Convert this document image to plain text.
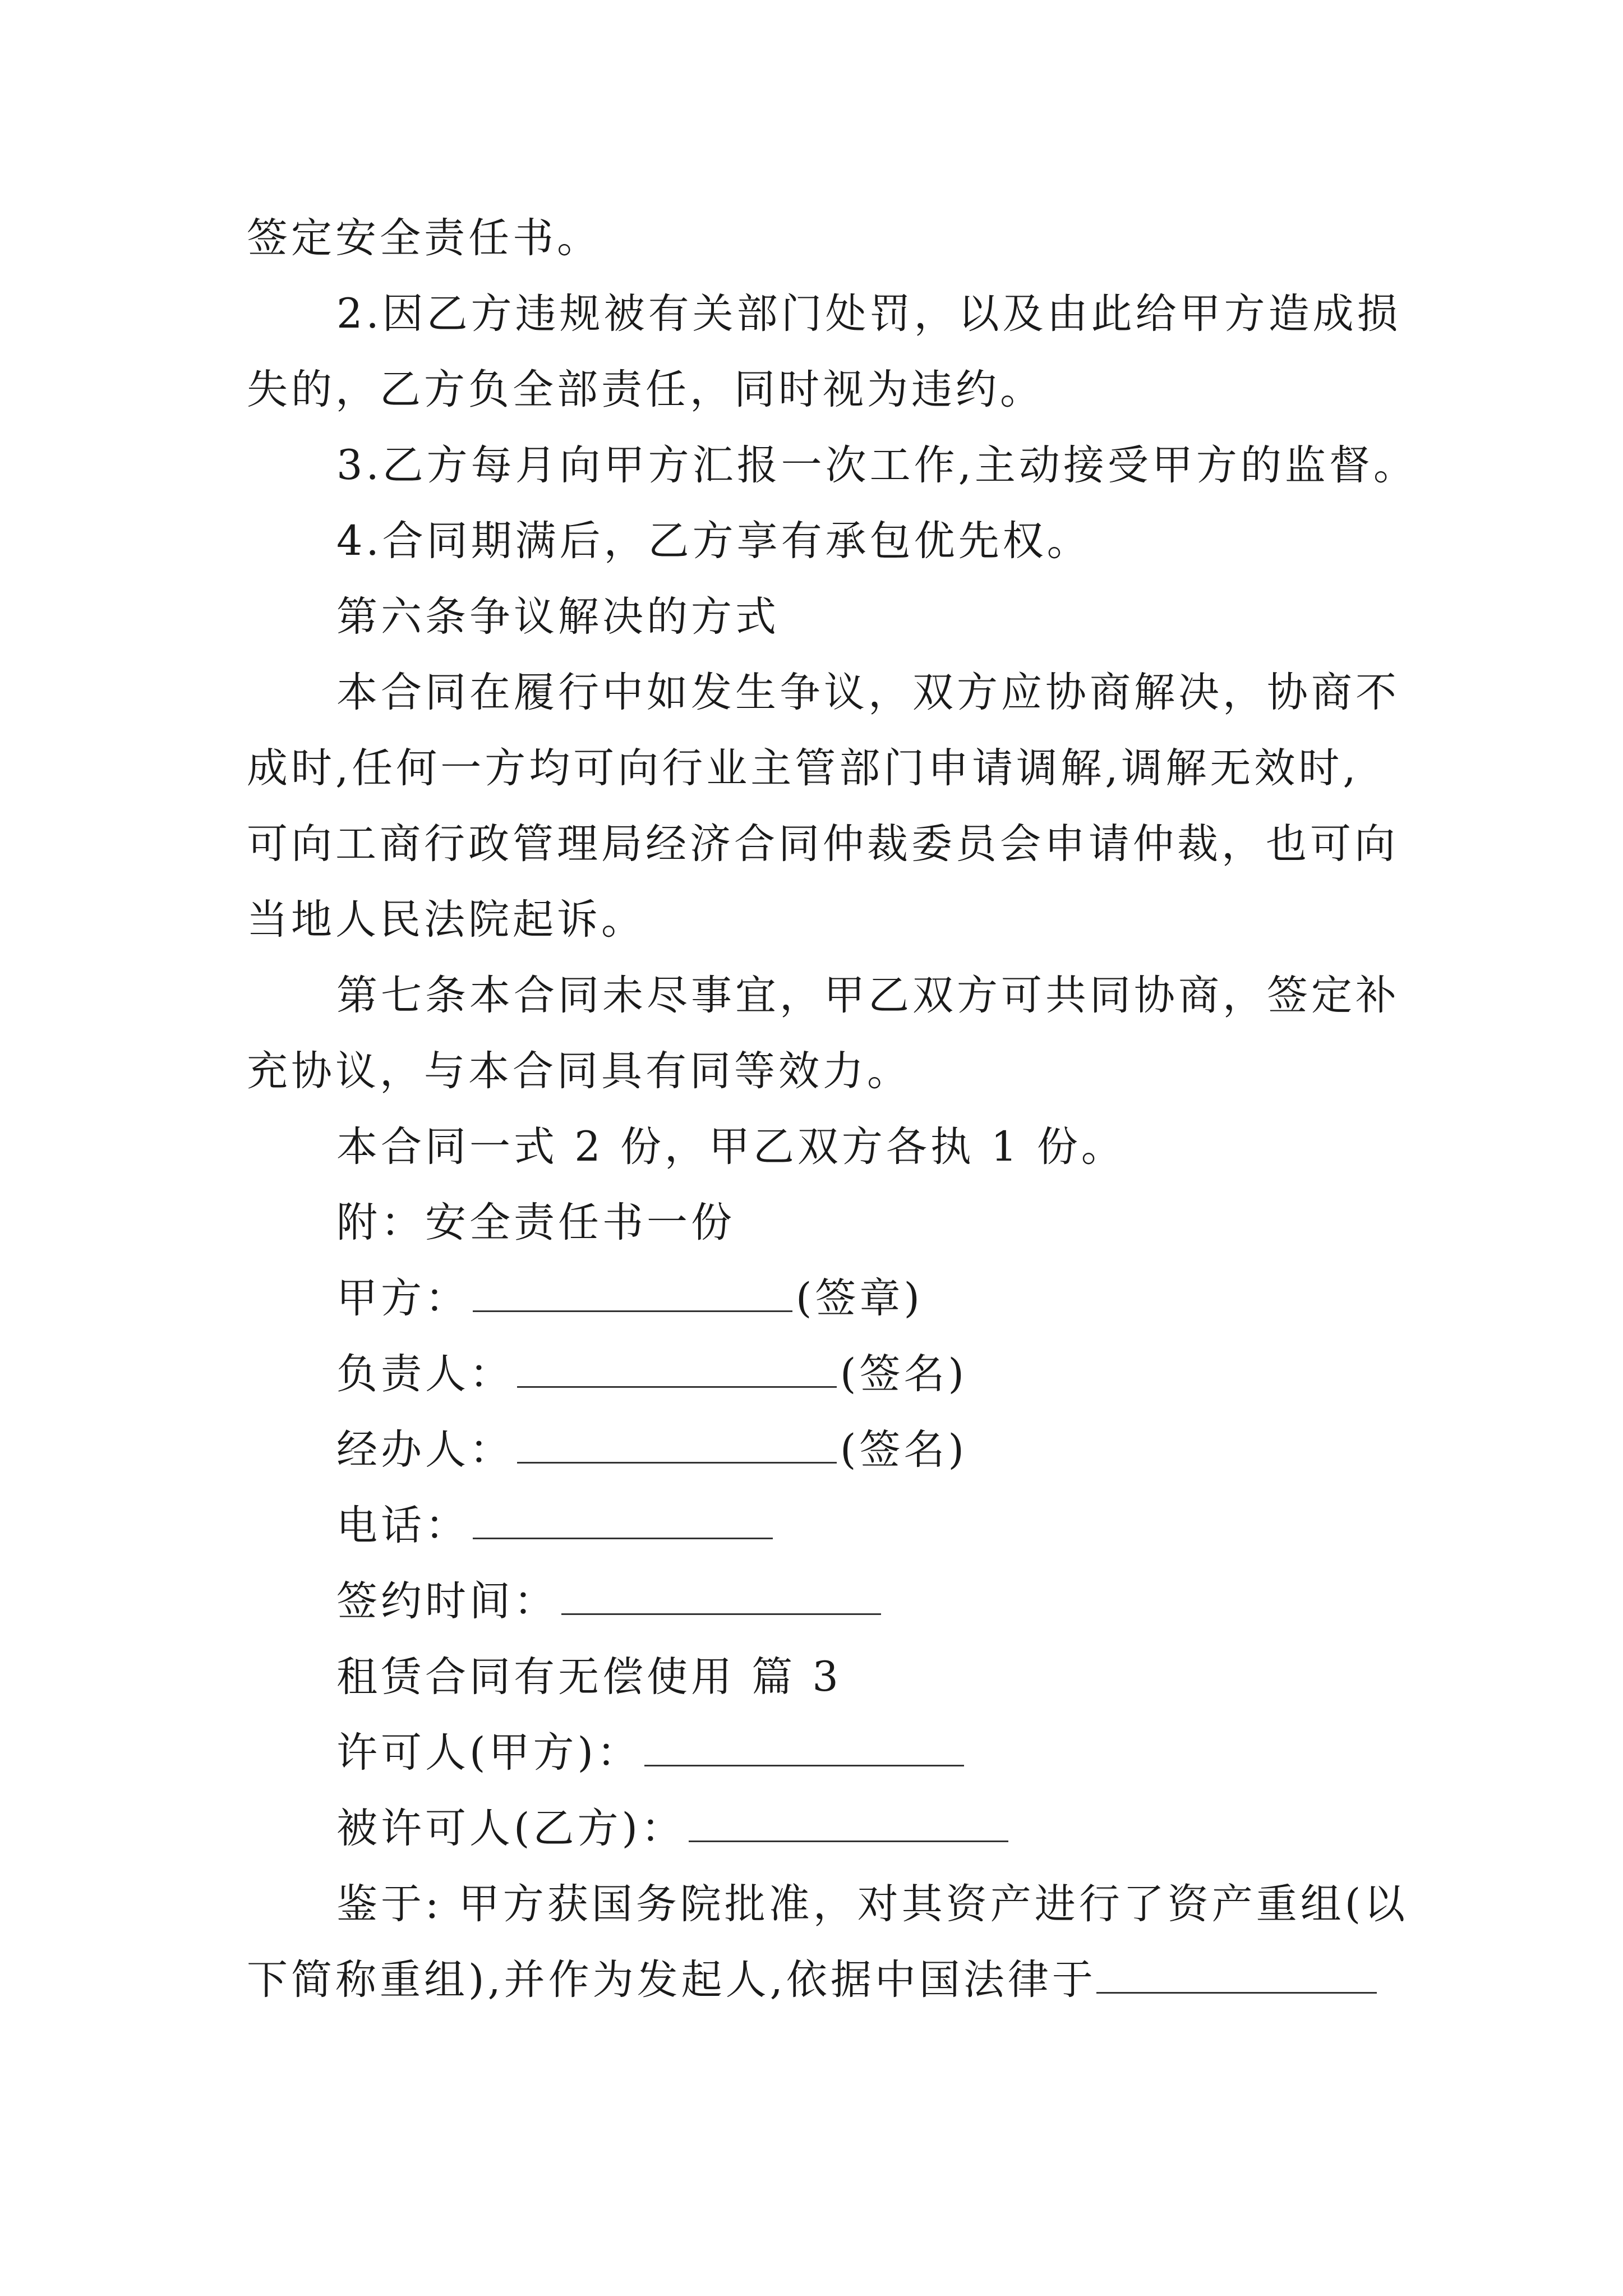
签定安全责任书。
2.因乙方违规被有关部门处罚，以及由此给甲方造成损
失的，乙方负全部责任，同时视为违约。
3.乙方每月向甲方汇报一次工作,主动接受甲方的监督。
4.合同期满后，乙方享有承包优先权。
第六条争议解决的方式
本合同在履行中如发生争议，双方应协商解决，协商不
成时,任何一方均可向行业主管部门申请调解,调解无效时,
可向工商行政管理局经济合同仲裁委员会申请仲裁，也可向
当地人民法院起诉。
第七条本合同未尽事宜，甲乙双方可共同协商，签定补
充协议，与本合同具有同等效力。
本合同一式 2 份，甲乙双方各执 1 份。
附：安全责任书一份
甲方：	(签章)
负责人：	(签名)
经办人：	(签名)
电话：
签约时间：
租赁合同有无偿使用 篇 3
许可人(甲方)：
被许可人(乙方)：
鉴于: 甲方获国务院批准，对其资产进行了资产重组(以
下简称重组),并作为发起人,依据中国法律于
